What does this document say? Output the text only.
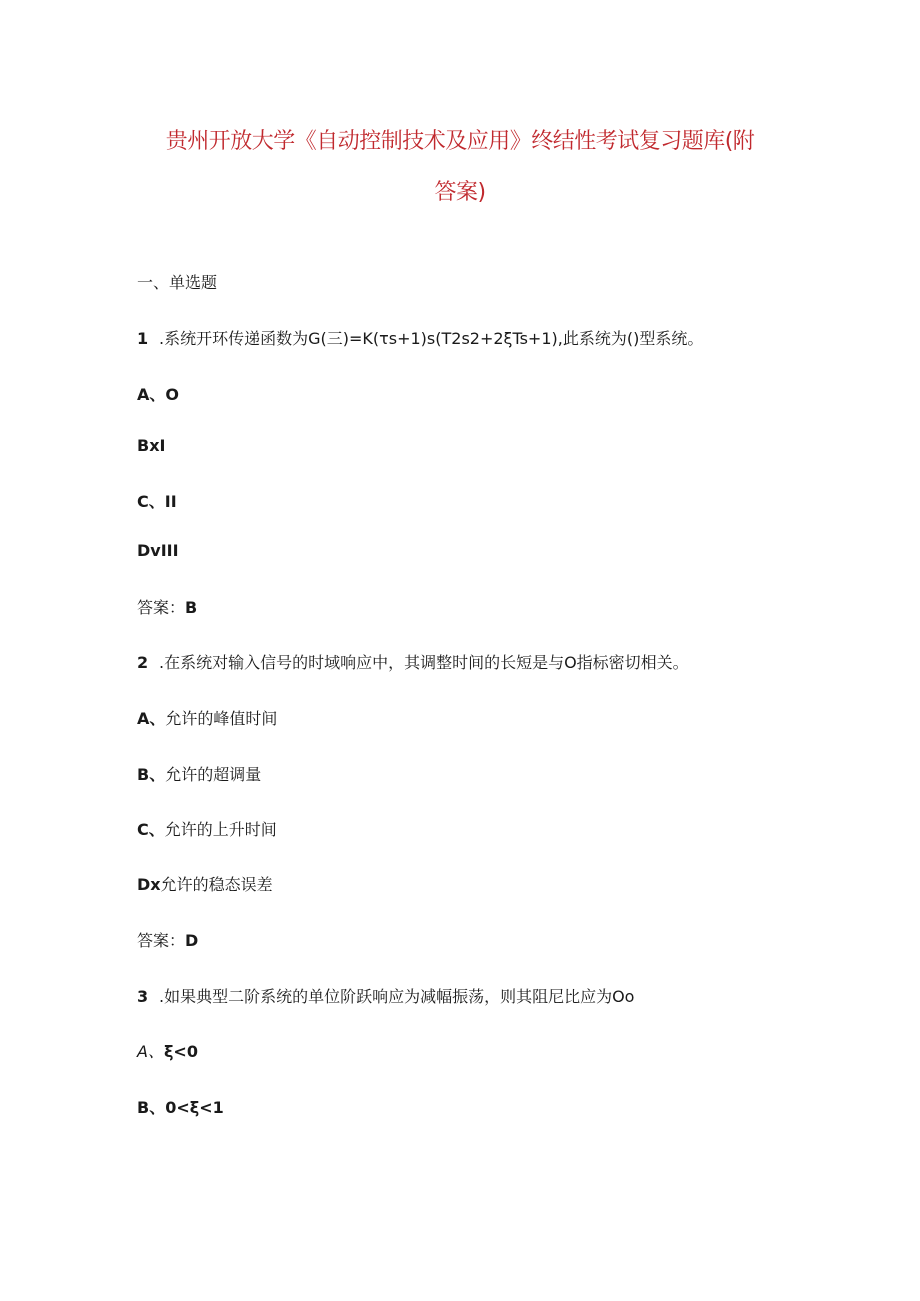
贵州开放大学《自动控制技术及应用》终结性考试复习题库(附
答案)
一、单选题
1 .系统开环传递函数为G(三)=K(τs+1)s(T2s2+2ξTs+1),此系统为()型系统。
A、O
BxI
C、II
DvIII
答案：B
2 .在系统对输入信号的时域响应中，其调整时间的长短是与O指标密切相关。
A、允许的峰值时间
B、允许的超调量
C、允许的上升时间
Dx允许的稳态误差
答案：D
3 .如果典型二阶系统的单位阶跃响应为减幅振荡，则其阻尼比应为Oo
A、ξ<0
B、0<ξ<1
